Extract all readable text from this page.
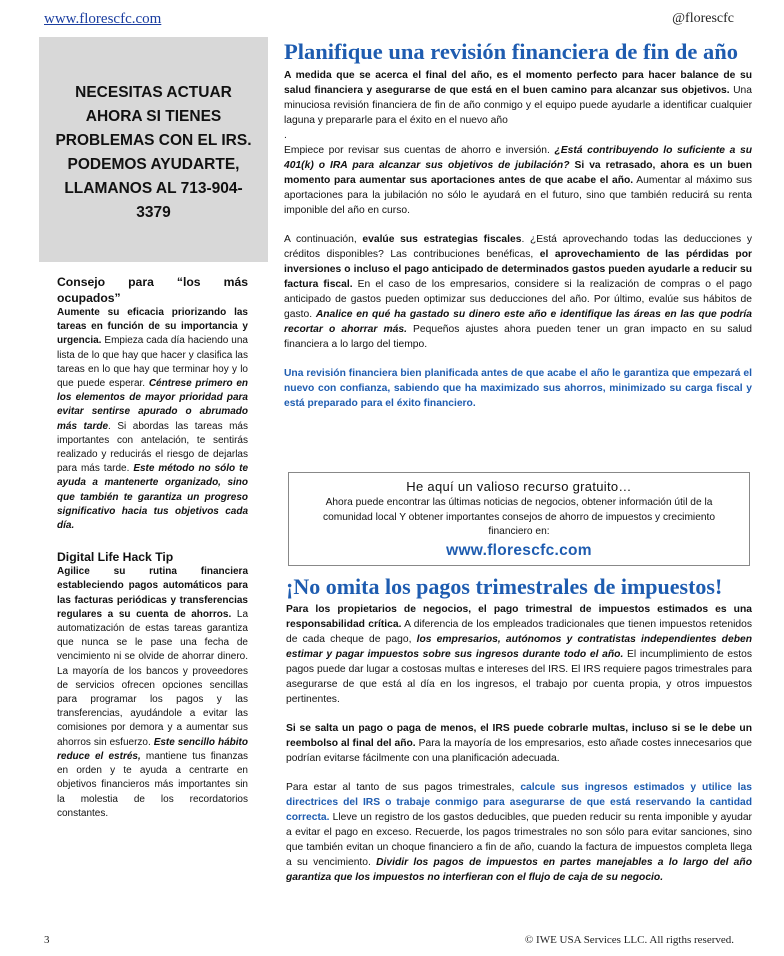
www.florescfc.com	@florescfc
NECESITAS ACTUAR AHORA SI TIENES PROBLEMAS CON EL IRS. PODEMOS AYUDARTE, LLAMANOS AL 713-904-3379

Consejo para “los más ocupados”

Aumente su eficacia priorizando las tareas en función de su importancia y urgencia. Empieza cada día haciendo una lista de lo que hay que hacer y clasifica las tareas en lo que hay que terminar hoy y lo que puede esperar. Céntrese primero en los elementos de mayor prioridad para evitar sentirse apurado o abrumado más tarde. Si abordas las tareas más importantes con antelación, te sentirás realizado y reducirás el riesgo de dejarlas para más tarde. Este método no sólo te ayuda a mantenerte organizado, sino que también te garantiza un progreso significativo hacia tus objetivos cada día.

Digital Life Hack Tip

Agilice su rutina financiera estableciendo pagos automáticos para las facturas periódicas y transferencias regulares a su cuenta de ahorros. La automatización de estas tareas garantiza que nunca se le pase una fecha de vencimiento ni se olvide de ahorrar dinero. La mayoría de los bancos y proveedores de servicios ofrecen opciones sencillas para programar los pagos y las transferencias, ayudándole a evitar las comisiones por demora y a aumentar sus ahorros sin esfuerzo. Este sencillo hábito reduce el estrés, mantiene tus finanzas en orden y te ayuda a centrarte en objetivos financieros más importantes sin la molestia de los recordatorios constantes.

Planifique una revisión financiera de fin de año

A medida que se acerca el final del año, es el momento perfecto para hacer balance de su salud financiera y asegurarse de que está en el buen camino para alcanzar sus objetivos. Una minuciosa revisión financiera de fin de año conmigo y el equipo puede ayudarle a identificar cualquier laguna y prepararle para el éxito en el nuevo año

.

Empiece por revisar sus cuentas de ahorro e inversión. ¿Está contribuyendo lo suficiente a su 401(k) o IRA para alcanzar sus objetivos de jubilación? Si va retrasado, ahora es un buen momento para aumentar sus aportaciones antes de que acabe el año. Aumentar al máximo sus aportaciones para la jubilación no sólo le ayudará en el futuro, sino que también reducirá su renta imponible del año en curso.

A continuación, evalúe sus estrategias fiscales. ¿Está aprovechando todas las deducciones y créditos disponibles? Las contribuciones benéficas, el aprovechamiento de las pérdidas por inversiones o incluso el pago anticipado de determinados gastos pueden ayudarle a reducir su factura fiscal. En el caso de los empresarios, considere si la realización de compras o el pago anticipado de gastos pueden optimizar sus deducciones del año. Por último, evalúe sus hábitos de gasto. Analice en qué ha gastado su dinero este año e identifique las áreas en las que podría recortar o ahorrar más. Pequeños ajustes ahora pueden tener un gran impacto en su salud financiera a lo largo del tiempo.

Una revisión financiera bien planificada antes de que acabe el año le garantiza que empezará el nuevo con confianza, sabiendo que ha maximizado sus ahorros, minimizado su carga fiscal y está preparado para el éxito financiero.

He aquí un valioso recurso gratuito…
Ahora puede encontrar las últimas noticias de negocios, obtener información útil de la comunidad local Y obtener importantes consejos de ahorro de impuestos y crecimiento financiero en:
www.florescfc.com
¡No omita los pagos trimestrales de impuestos!

Para los propietarios de negocios, el pago trimestral de impuestos estimados es una responsabilidad crítica. A diferencia de los empleados tradicionales que tienen impuestos retenidos de cada cheque de pago, los empresarios, autónomos y contratistas independientes deben estimar y pagar impuestos sobre sus ingresos durante todo el año. El incumplimiento de estos pagos puede dar lugar a costosas multas e intereses del IRS. El IRS requiere pagos trimestrales para asegurarse de que está al día en los ingresos, el trabajo por cuenta propia, y otros impuestos pertinentes.

Si se salta un pago o paga de menos, el IRS puede cobrarle multas, incluso si se le debe un reembolso al final del año. Para la mayoría de los empresarios, esto añade costes innecesarios que podrían evitarse fácilmente con una planificación adecuada.

Para estar al tanto de sus pagos trimestrales, calcule sus ingresos estimados y utilice las directrices del IRS o trabaje conmigo para asegurarse de que está reservando la cantidad correcta. Lleve un registro de los gastos deducibles, que pueden reducir su renta imponible y ayudar a evitar el pago en exceso. Recuerde, los pagos trimestrales no son sólo para evitar sanciones, sino que también evitan un choque financiero a fin de año, cuando la factura de impuestos completa llega a su vencimiento. Dividir los pagos de impuestos en partes manejables a lo largo del año garantiza que los impuestos no interfieran con el flujo de caja de su negocio.

3	© IWE USA Services LLC. All rigths reserved.
